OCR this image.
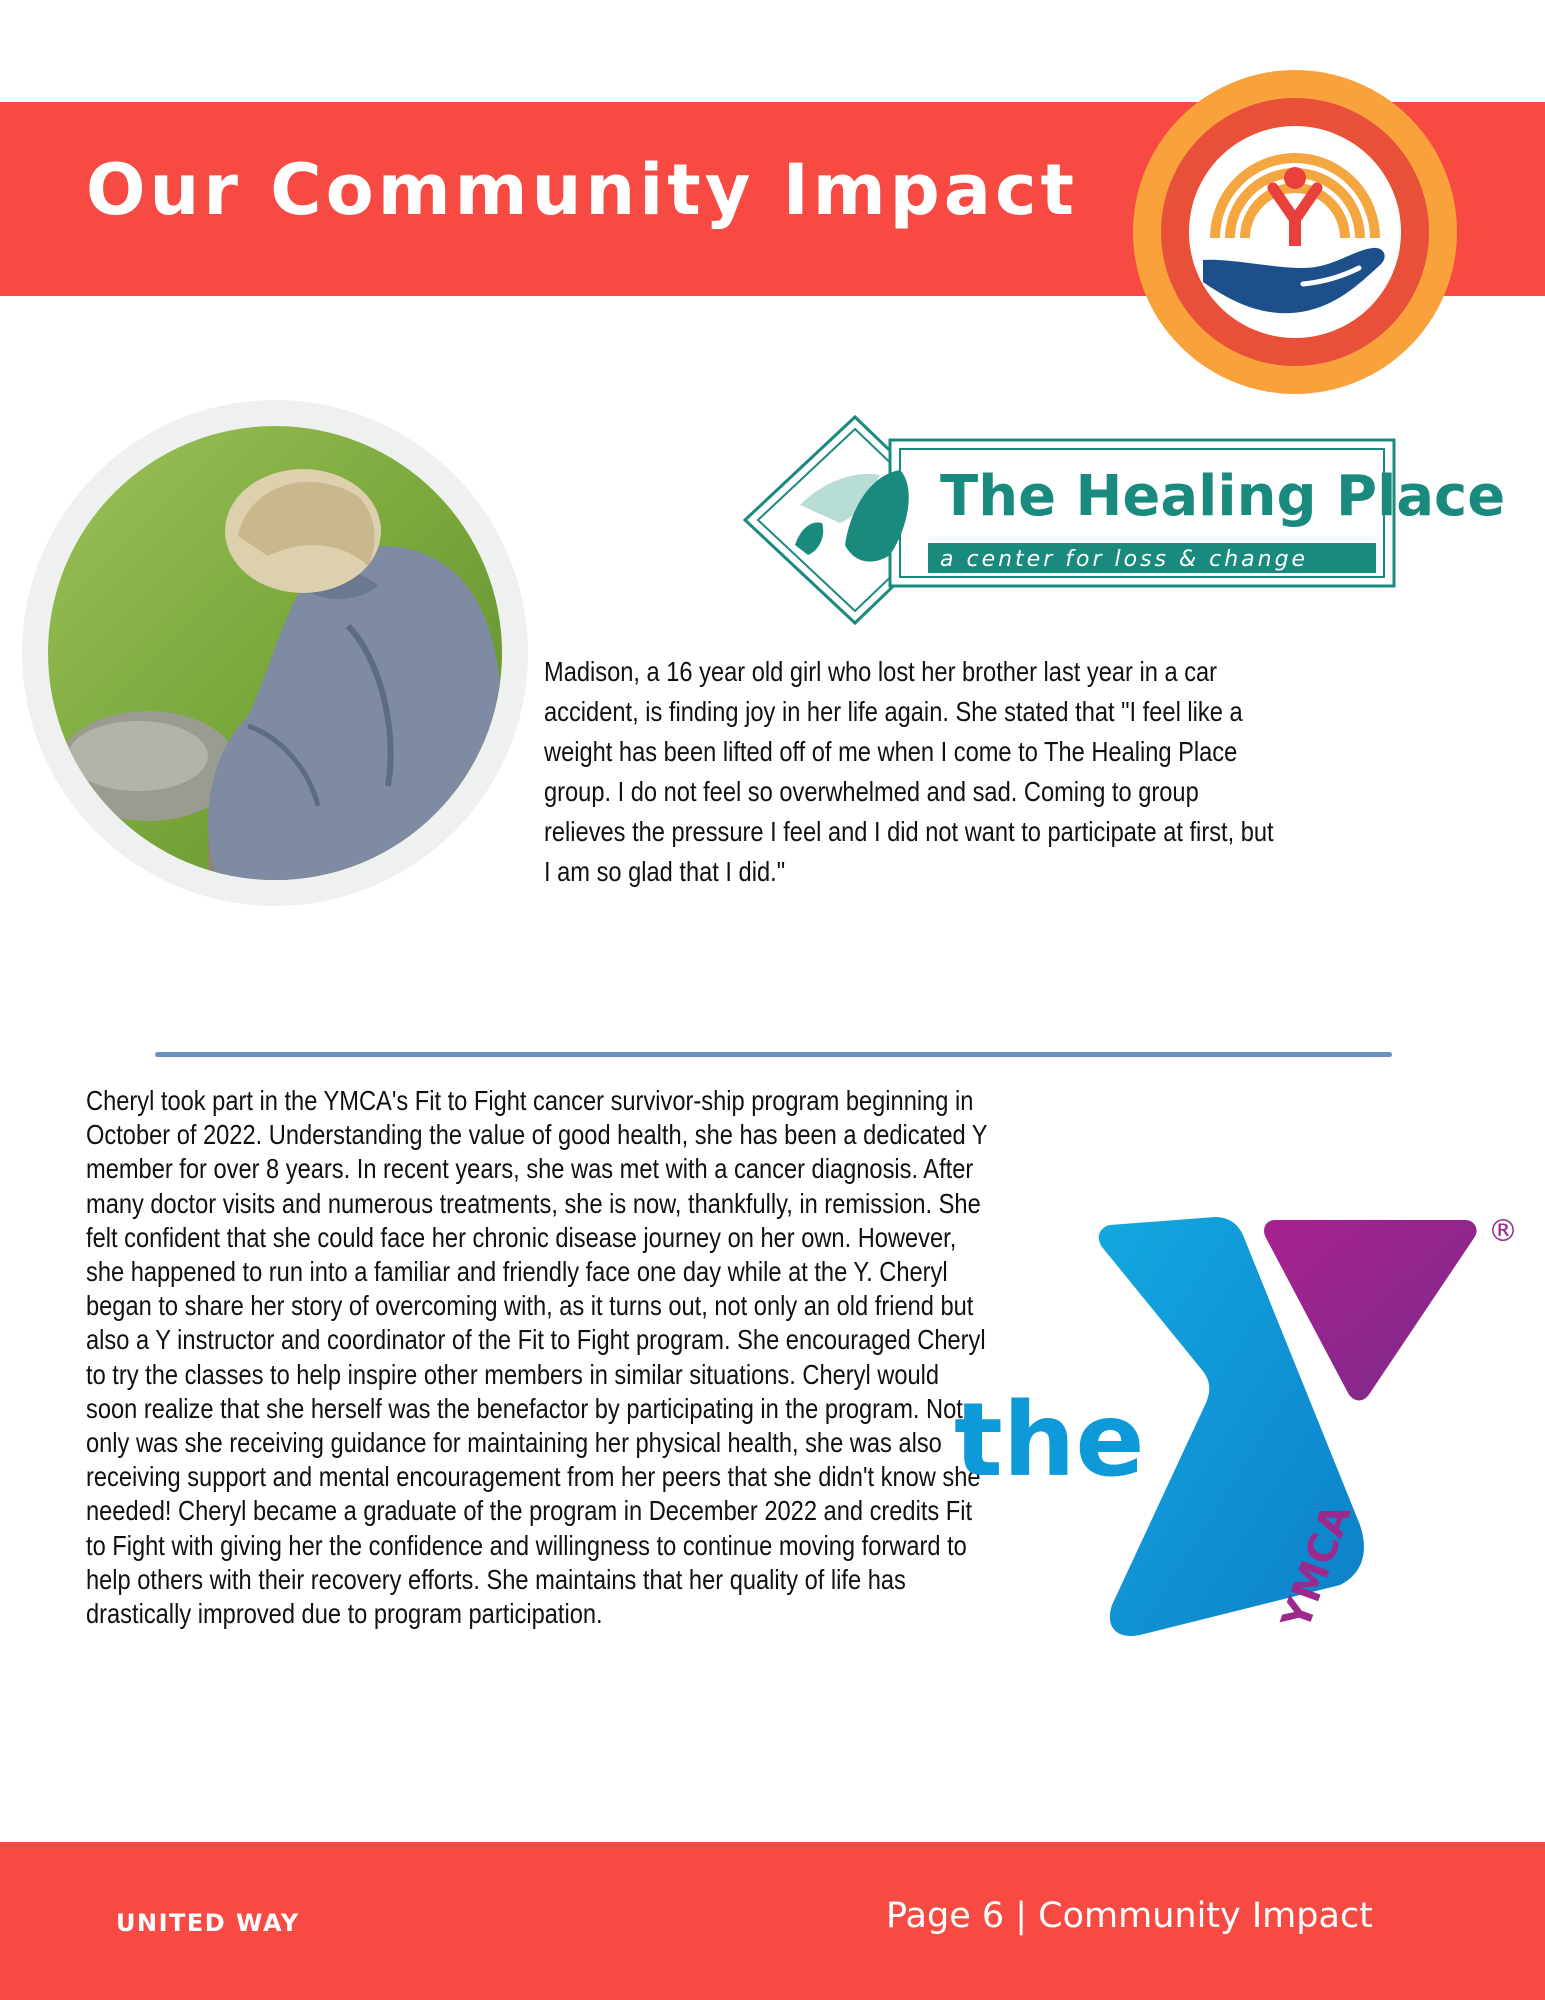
Our Community Impact
The Healing Place
a center for loss & change

Madison, a 16 year old girl who lost her brother last year in a car accident, is finding joy in her life again. She stated that "I feel like a weight has been lifted off of me when I come to The Healing Place group. I do not feel so overwhelmed and sad. Coming to group relieves the pressure I feel and I did not want to participate at first, but I am so glad that I did."

Cheryl took part in the YMCA's Fit to Fight cancer survivor-ship program beginning in October of 2022. Understanding the value of good health, she has been a dedicated Y member for over 8 years. In recent years, she was met with a cancer diagnosis. After many doctor visits and numerous treatments, she is now, thankfully, in remission. She felt confident that she could face her chronic disease journey on her own. However, she happened to run into a familiar and friendly face one day while at the Y. Cheryl began to share her story of overcoming with, as it turns out, not only an old friend but also a Y instructor and coordinator of the Fit to Fight program. She encouraged Cheryl to try the classes to help inspire other members in similar situations. Cheryl would soon realize that she herself was the benefactor by participating in the program. Not only was she receiving guidance for maintaining her physical health, she was also receiving support and mental encouragement from her peers that she didn't know she needed! Cheryl became a graduate of the program in December 2022 and credits Fit to Fight with giving her the confidence and willingness to continue moving forward to help others with their recovery efforts. She maintains that her quality of life has drastically improved due to program participation.

the
YMCA
®
UNITED WAY	Page 6 | Community Impact
